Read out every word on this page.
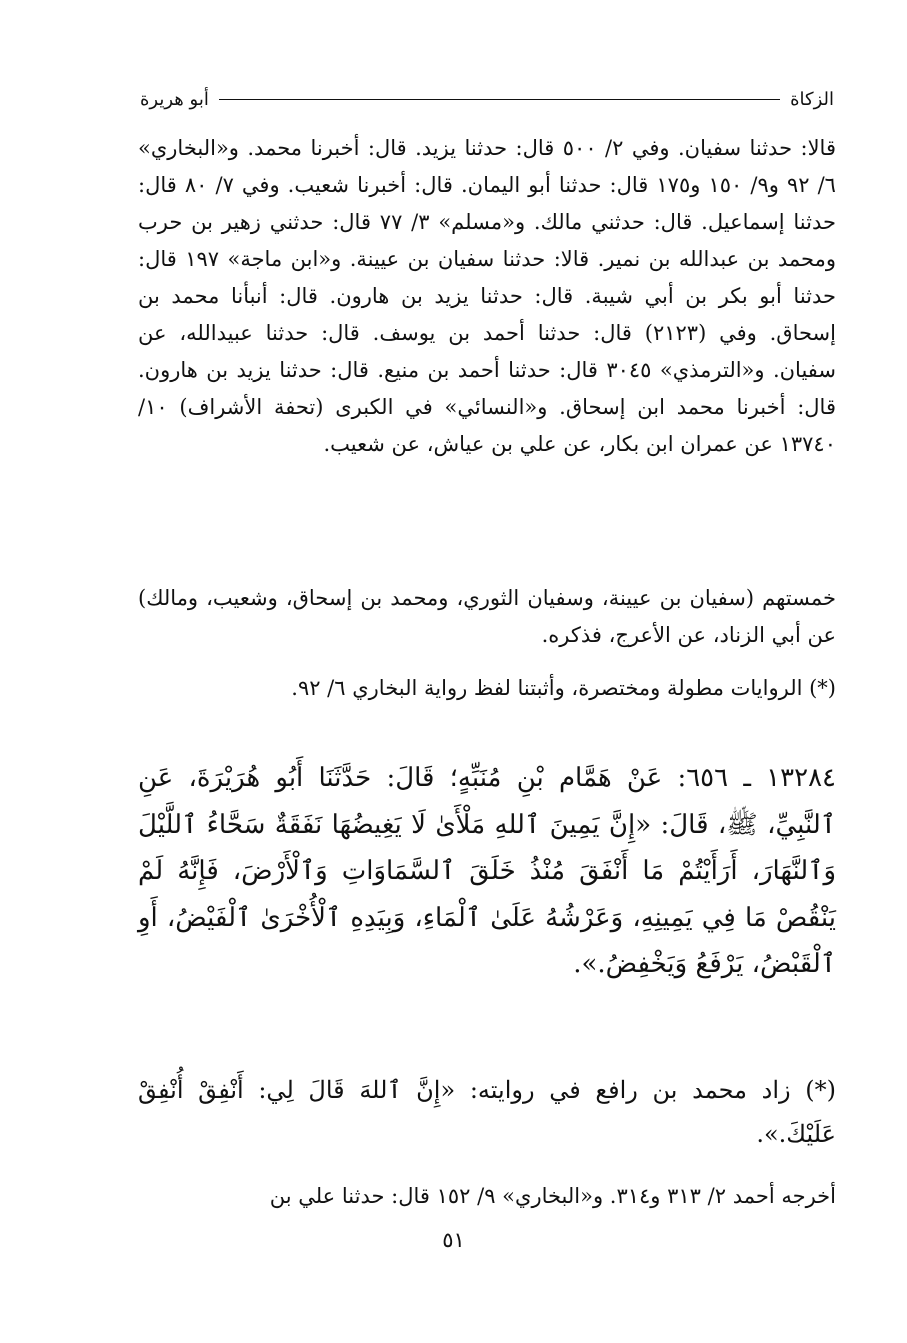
الزكاة
أبو هريرة

قالا: حدثنا سفيان. وفي ٢/ ٥٠٠ قال: حدثنا يزيد. قال: أخبرنا محمد. و«البخاري» ٦/ ٩٢ و٩/ ١٥٠ و١٧٥ قال: حدثنا أبو اليمان. قال: أخبرنا شعيب. وفي ٧/ ٨٠ قال: حدثنا إسماعيل. قال: حدثني مالك. و«مسلم» ٣/ ٧٧ قال: حدثني زهير بن حرب ومحمد بن عبدالله بن نمير. قالا: حدثنا سفيان بن عيينة. و«ابن ماجة» ١٩٧ قال: حدثنا أبو بكر بن أبي شيبة. قال: حدثنا يزيد بن هارون. قال: أنبأنا محمد بن إسحاق. وفي (٢١٢٣) قال: حدثنا أحمد بن يوسف. قال: حدثنا عبيدالله، عن سفيان. و«الترمذي» ٣٠٤٥ قال: حدثنا أحمد بن منيع. قال: حدثنا يزيد بن هارون. قال: أخبرنا محمد ابن إسحاق. و«النسائي» في الكبرى (تحفة الأشراف) ١٠/ ١٣٧٤٠ عن عمران ابن بكار، عن علي بن عياش، عن شعيب.

خمستهم (سفيان بن عيينة، وسفيان الثوري، ومحمد بن إسحاق، وشعيب، ومالك) عن أبي الزناد، عن الأعرج، فذكره.

(*) الروايات مطولة ومختصرة، وأثبتنا لفظ رواية البخاري ٦/ ٩٢.

١٣٢٨٤ ـ ٦٥٦: عَنْ هَمَّام بْنِ مُنَبِّهٍ؛ قَالَ: حَدَّثَنَا أَبُو هُرَيْرَةَ، عَنِ ٱلنَّبِيِّ، ﷺ، قَالَ: «إِنَّ يَمِينَ ٱللهِ مَلْأَىٰ لَا يَغِيضُهَا نَفَقَةٌ سَحَّاءُ ٱللَّيْلَ وَٱلنَّهَارَ، أَرَأَيْتُمْ مَا أَنْفَقَ مُنْذُ خَلَقَ ٱلسَّمَاوَاتِ وَٱلْأَرْضَ، فَإِنَّهُ لَمْ يَنْقُصْ مَا فِي يَمِينِهِ، وَعَرْشُهُ عَلَىٰ ٱلْمَاءِ، وَبِيَدِهِ ٱلْأُخْرَىٰ ٱلْفَيْضُ، أَوِ ٱلْقَبْضُ، يَرْفَعُ وَيَخْفِضُ.».

(*) زاد محمد بن رافع في روايته: «إِنَّ ٱللهَ قَالَ لِي: أَنْفِقْ أُنْفِقْ عَلَيْكَ.».

أخرجه أحمد ٢/ ٣١٣ و٣١٤. و«البخاري» ٩/ ١٥٢ قال: حدثنا علي بن

٥١
